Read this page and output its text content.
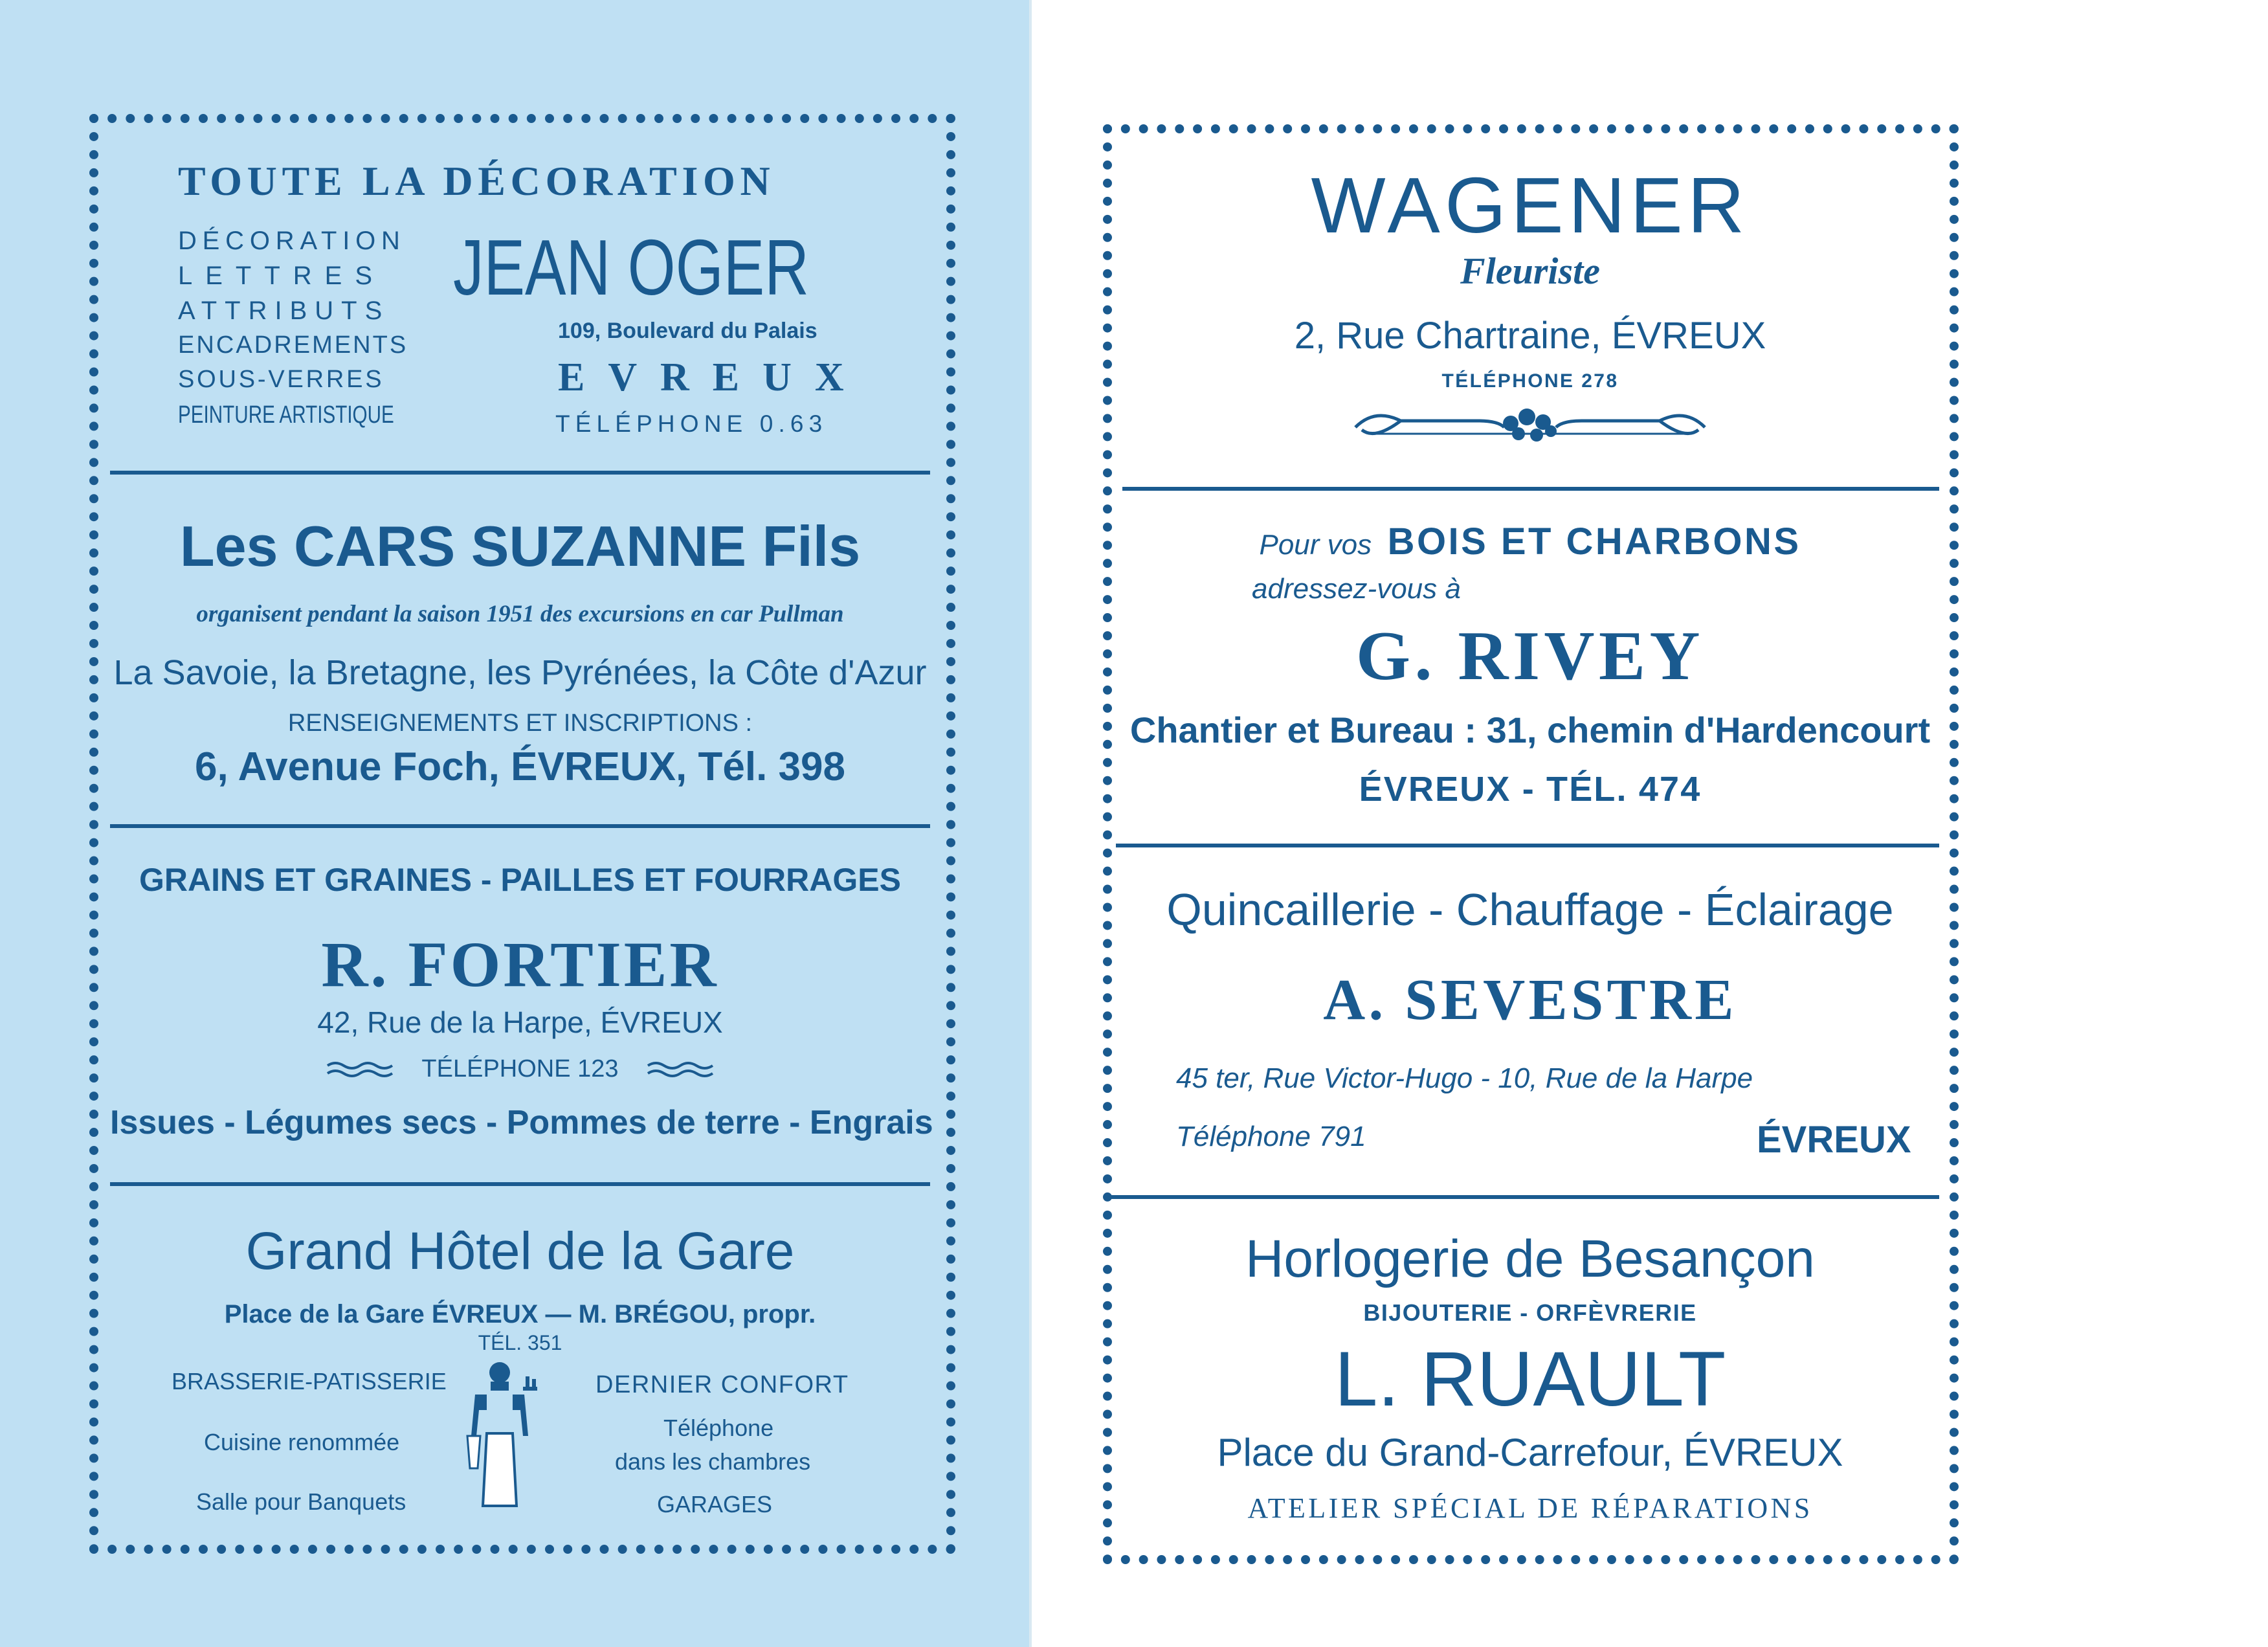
TOUTE LA DÉCORATION
DÉCORATION
LETTRES
ATTRIBUTS
ENCADREMENTS
SOUS-VERRES
PEINTURE ARTISTIQUE
JEAN OGER
109, Boulevard du Palais
EVREUX
TÉLÉPHONE 0.63
Les CARS SUZANNE Fils
organisent pendant la saison 1951 des excursions en car Pullman
La Savoie, la Bretagne, les Pyrénées, la Côte d'Azur
RENSEIGNEMENTS ET INSCRIPTIONS :
6, Avenue Foch, ÉVREUX, Tél. 398
GRAINS ET GRAINES - PAILLES ET FOURRAGES
R. FORTIER
42, Rue de la Harpe, ÉVREUX
TÉLÉPHONE 123
Issues - Légumes secs - Pommes de terre - Engrais
Grand Hôtel de la Gare
Place de la Gare ÉVREUX — M. BRÉGOU, propr.
TÉL. 351
BRASSERIE-PATISSERIE
Cuisine renommée
Salle pour Banquets
DERNIER CONFORT
Téléphone
dans les chambres
GARAGES
WAGENER
Fleuriste
2, Rue Chartraine, ÉVREUX
TÉLÉPHONE 278
Pour vos BOIS ET CHARBONS
adressez-vous à
G. RIVEY
Chantier et Bureau : 31, chemin d'Hardencourt
ÉVREUX - TÉL. 474
Quincaillerie - Chauffage - Éclairage
A. SEVESTRE
45 ter, Rue Victor-Hugo - 10, Rue de la Harpe
Téléphone 791	ÉVREUX
Horlogerie de Besançon
BIJOUTERIE - ORFÈVRERIE
L. RUAULT
Place du Grand-Carrefour, ÉVREUX
ATELIER SPÉCIAL DE RÉPARATIONS
